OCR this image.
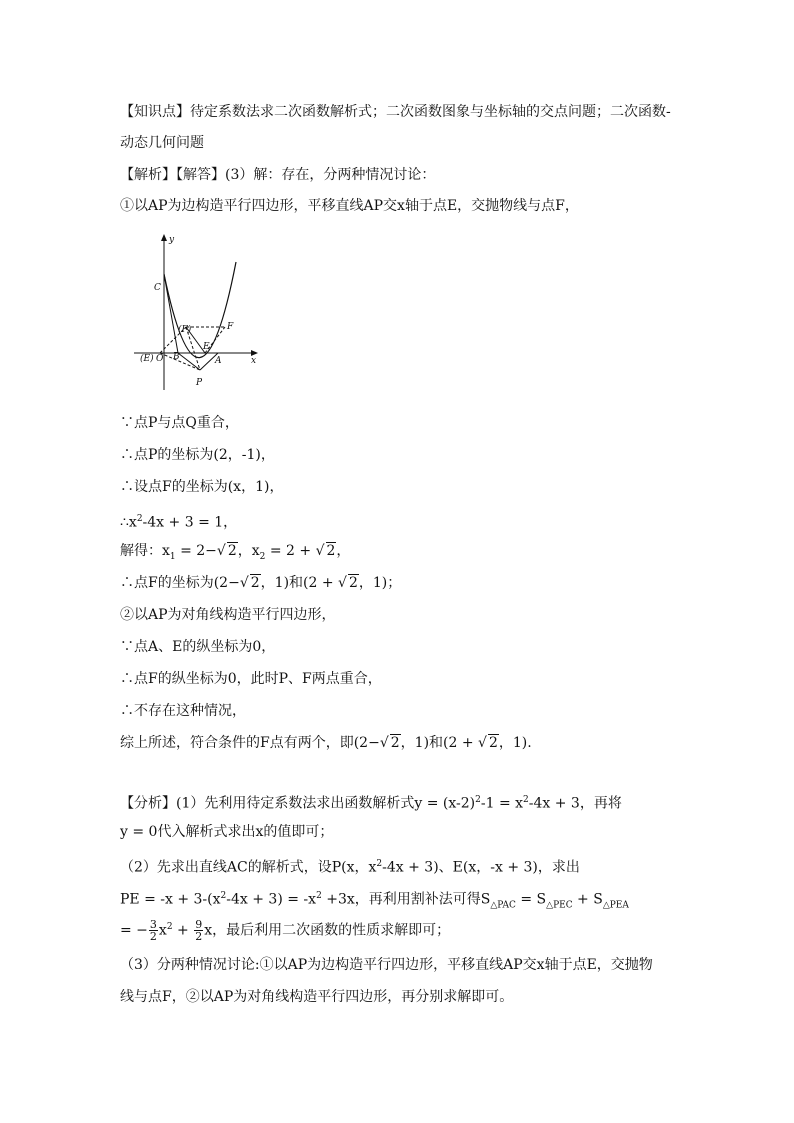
【知识点】待定系数法求二次函数解析式；二次函数图象与坐标轴的交点问题；二次函数-
动态几何问题
【解析】【解答】(3）解：存在，分两种情况讨论：
①以AP为边构造平行四边形，平移直线AP交x轴于点E，交抛物线与点F，
y
x
C
F
(F)
E
(E) O B	A
P
∵点P与点Q重合，
∴点P的坐标为(2，-1)，
∴设点F的坐标为(x，1)，
$\therefore x^2-4x + 3 = 1$，
解得：$x_1 = 2-√$ 2，$x_2 = 2$ + √ 2，
∴点F的坐标为(2−√ 2，1)和(2 + √ 2，1)；
②以AP为对角线构造平行四边形，
∵点A、E的纵坐标为0，
∴点F的纵坐标为0，此时P、F两点重合，
∴不存在这种情况，
综上所述，符合条件的F点有两个，即(2−√ 2，1)和(2 + √ 2，1).
【分析】(1）先利用待定系数法求出函数解析式$y = (x-2)^2-1 = x^2-4x + 3$，再将
y = 0代入解析式求出x的值即可；
（2）先求出直线AC的解析式，设P(x，$x^2-4x + 3$)、E(x，-x + 3)，求出
PE = $-x + 3-(x^2-4x + 3) = -x^2 +3x$，再利用割补法可得$S_{\triangle PAC} = S_{\triangle PEC} + S_{\triangle PEA}$
= − $\frac{3}{2} x^2 + \frac{9}{2}$ x，最后利用二次函数的性质求解即可；
（3）分两种情况讨论:①以AP为边构造平行四边形，平移直线AP交x轴于点E，交抛物
线与点F，②以AP为对角线构造平行四边形，再分别求解即可。
